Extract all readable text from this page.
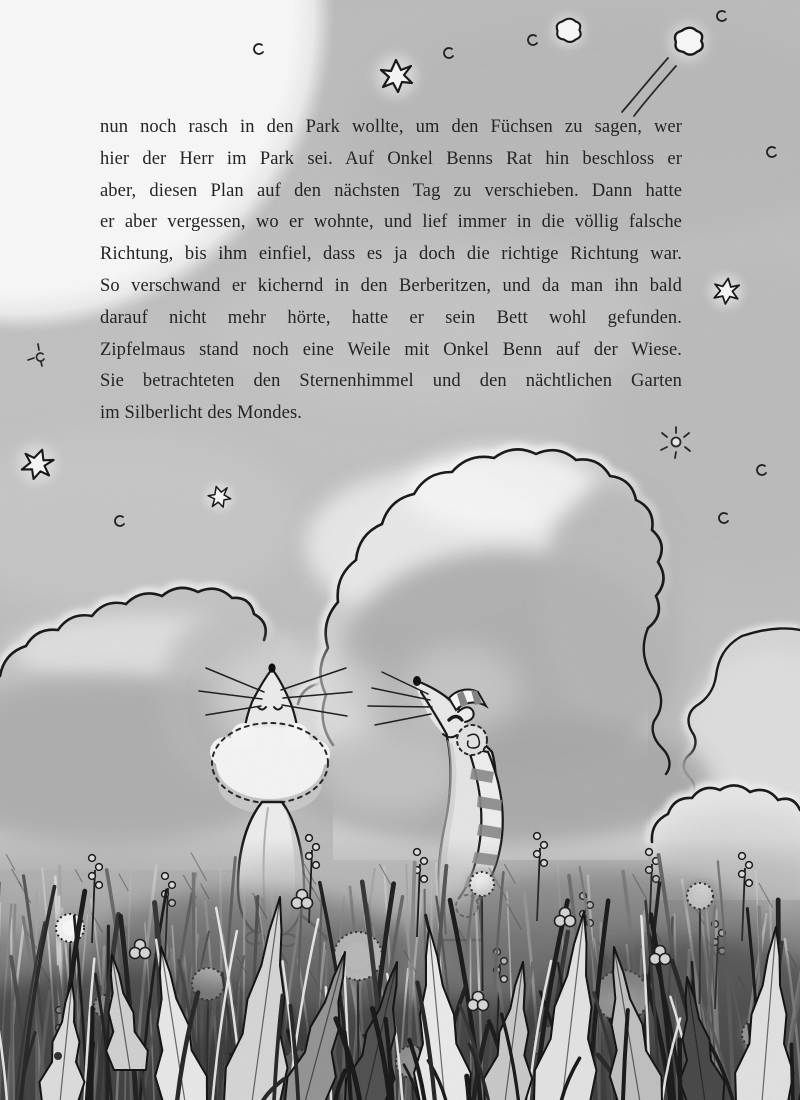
nun noch rasch in den Park wollte, um den Füchsen zu sagen, wer
hier der Herr im Park sei. Auf Onkel Benns Rat hin beschloss er
aber, diesen Plan auf den nächsten Tag zu verschieben. Dann hatte
er aber vergessen, wo er wohnte, und lief immer in die völlig falsche
Richtung, bis ihm einfiel, dass es ja doch die richtige Richtung war.
So verschwand er kichernd in den Berberitzen, und da man ihn bald
darauf nicht mehr hörte, hatte er sein Bett wohl gefunden.
Zipfelmaus stand noch eine Weile mit Onkel Benn auf der Wiese.
Sie betrachteten den Sternenhimmel und den nächtlichen Garten
im Silberlicht des Mondes.
